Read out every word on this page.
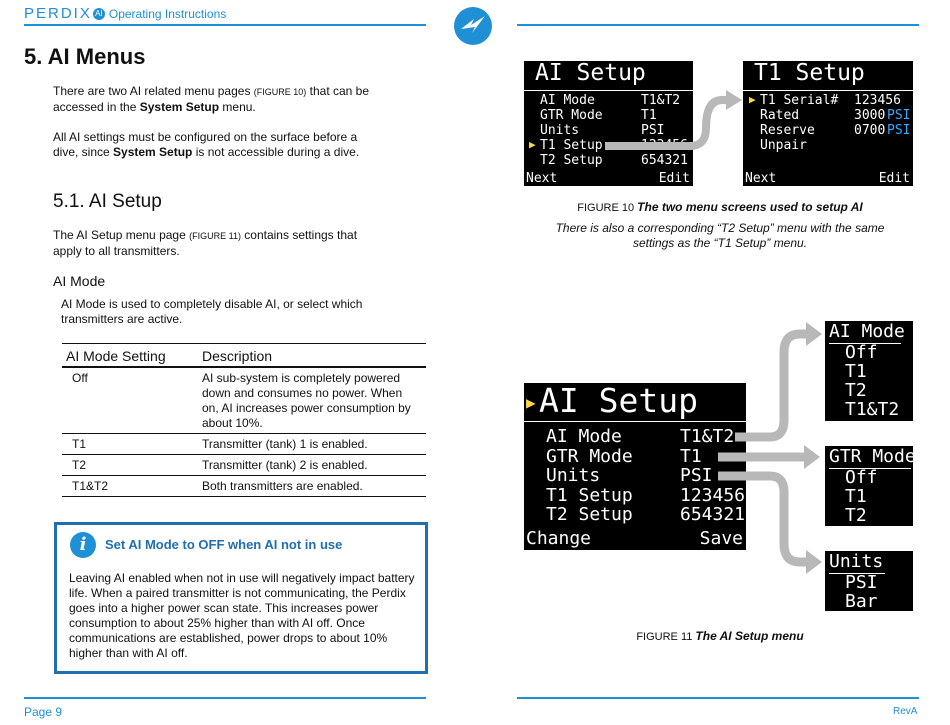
PERDIX AI Operating Instructions
5. AI Menus
There are two AI related menu pages (FIGURE 10) that can be accessed in the System Setup menu.
All AI settings must be configured on the surface before a dive, since System Setup is not accessible during a dive.
5.1. AI Setup
The AI Setup menu page (FIGURE 11) contains settings that apply to all transmitters.
AI Mode
AI Mode is used to completely disable AI, or select which transmitters are active.
AI Mode Setting	Description
Off	AI sub-system is completely powered down and consumes no power. When on, AI increases power consumption by about 10%.
T1	Transmitter (tank) 1 is enabled.
T2	Transmitter (tank) 2 is enabled.
T1&T2	Both transmitters are enabled.
i	Set AI Mode to OFF when AI not in use
Leaving AI enabled when not in use will negatively impact battery life. When a paired transmitter is not communicating, the Perdix goes into a higher power scan state. This increases power consumption to about 25% higher than with AI off. Once communications are established, power drops to about 10% higher than with AI off.
AI Setup
AI Mode	T1&T2
GTR Mode	T1
Units	PSI
▶ T1 Setup	123456
T2 Setup	654321
Next	Edit
T1 Setup
▶ T1 Serial# 123456
Rated	3000 PSI
Reserve	0700 PSI
Unpair
Next	Edit
FIGURE 10 The two menu screens used to setup AI
There is also a corresponding “T2 Setup” menu with the same settings as the “T1 Setup” menu.
▶ AI Setup
AI Mode	T1&T2
GTR Mode	T1
Units	PSI
T1 Setup	123456
T2 Setup	654321
Change	Save
AI Mode
Off
T1
T2
T1&T2
GTR Mode
Off
T1
T2
Units
PSI
Bar
FIGURE 11 The AI Setup menu
Page 9	RevA
